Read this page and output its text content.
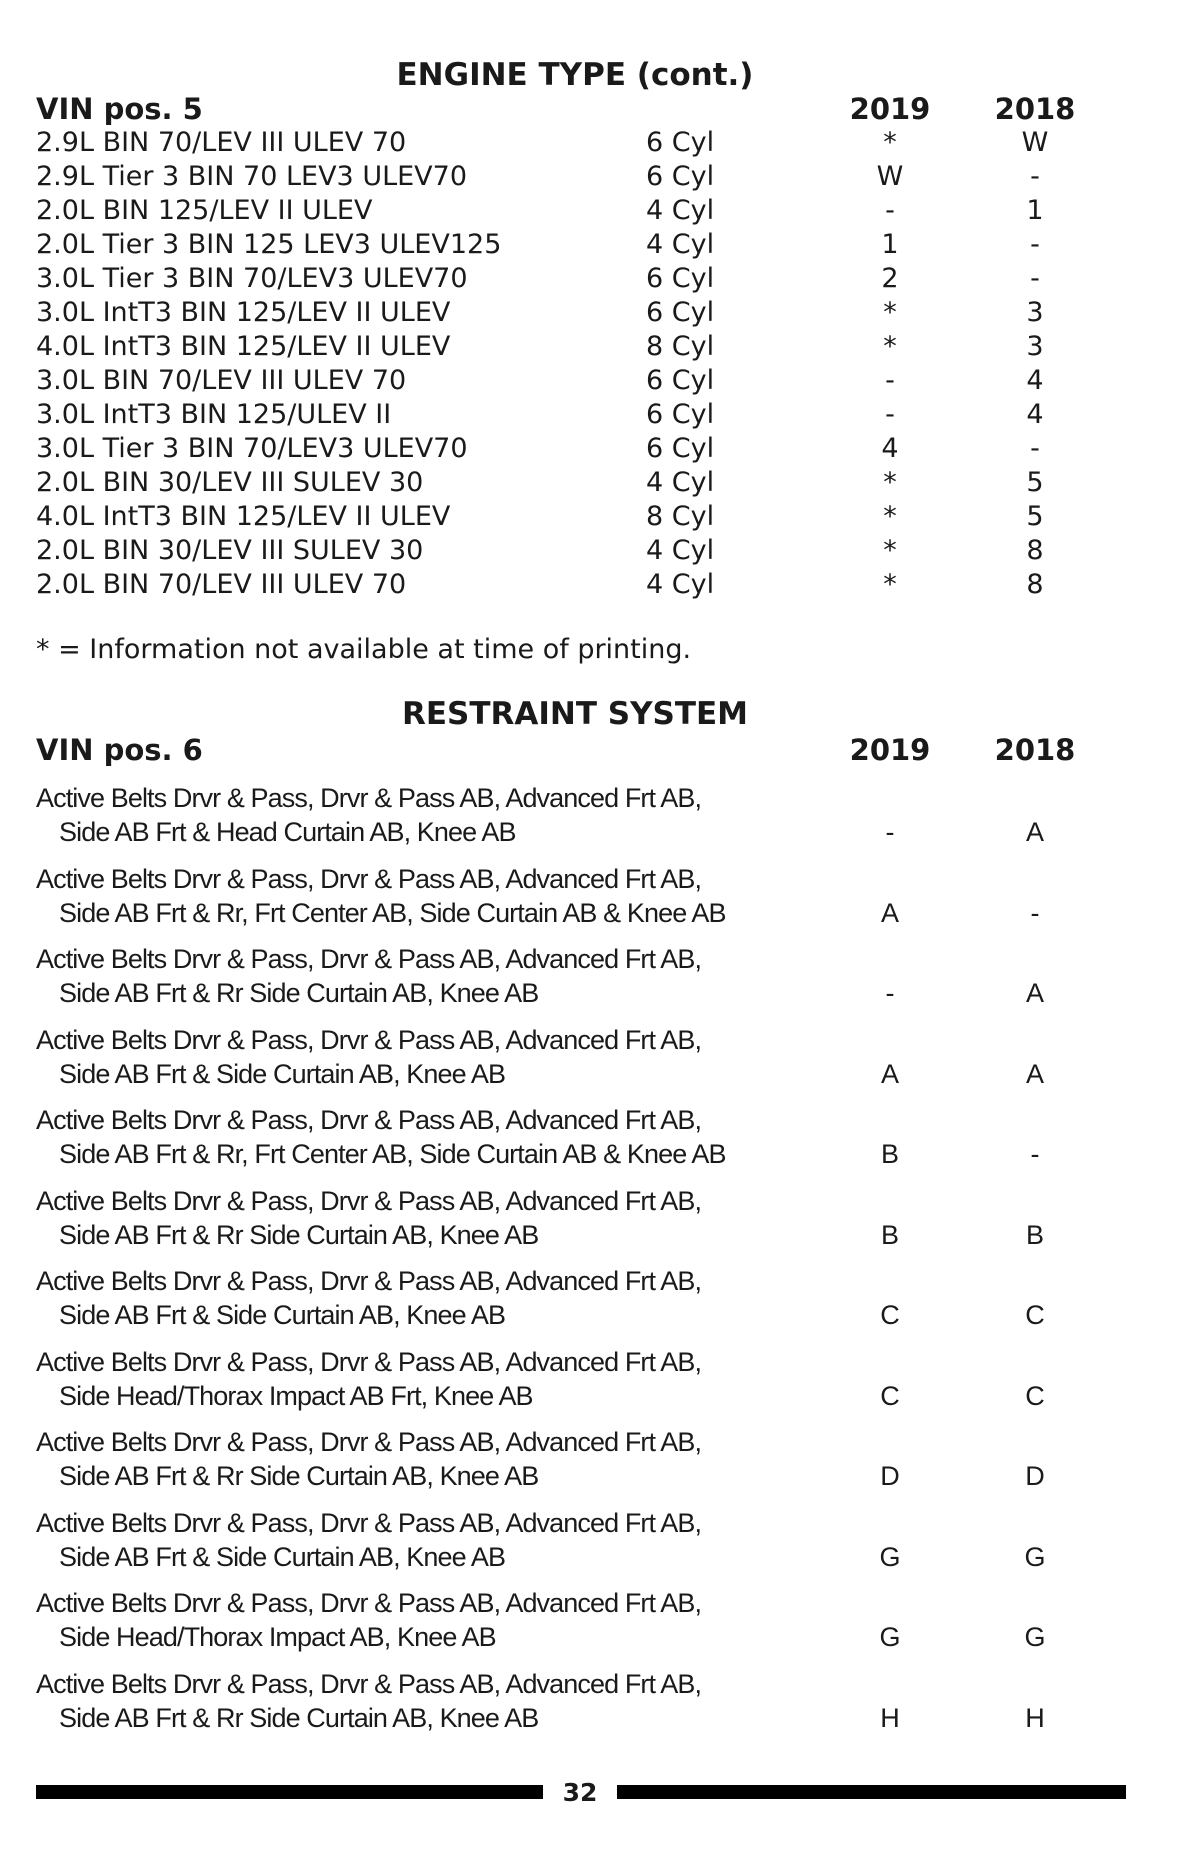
ENGINE TYPE (cont.)
VIN pos. 5	2019	2018
2.9L BIN 70/LEV III ULEV 70	6 Cyl	*	W
2.9L Tier 3 BIN 70 LEV3 ULEV70	6 Cyl	W	-
2.0L BIN 125/LEV II ULEV	4 Cyl	-	1
2.0L Tier 3 BIN 125 LEV3 ULEV125	4 Cyl	1	-
3.0L Tier 3 BIN 70/LEV3 ULEV70	6 Cyl	2	-
3.0L IntT3 BIN 125/LEV II ULEV	6 Cyl	*	3
4.0L IntT3 BIN 125/LEV II ULEV	8 Cyl	*	3
3.0L BIN 70/LEV III ULEV 70	6 Cyl	-	4
3.0L IntT3 BIN 125/ULEV II	6 Cyl	-	4
3.0L Tier 3 BIN 70/LEV3 ULEV70	6 Cyl	4	-
2.0L BIN 30/LEV III SULEV 30	4 Cyl	*	5
4.0L IntT3 BIN 125/LEV II ULEV	8 Cyl	*	5
2.0L BIN 30/LEV III SULEV 30	4 Cyl	*	8
2.0L BIN 70/LEV III ULEV 70	4 Cyl	*	8
* = Information not available at time of printing.
RESTRAINT SYSTEM
VIN pos. 6	2019	2018
Active Belts Drvr & Pass, Drvr & Pass AB, Advanced Frt AB,
Side AB Frt & Head Curtain AB, Knee AB	-	A
Active Belts Drvr & Pass, Drvr & Pass AB, Advanced Frt AB,
Side AB Frt & Rr, Frt Center AB, Side Curtain AB & Knee AB	A	-
Active Belts Drvr & Pass, Drvr & Pass AB, Advanced Frt AB,
Side AB Frt & Rr Side Curtain AB, Knee AB	-	A
Active Belts Drvr & Pass, Drvr & Pass AB, Advanced Frt AB,
Side AB Frt & Side Curtain AB, Knee AB	A	A
Active Belts Drvr & Pass, Drvr & Pass AB, Advanced Frt AB,
Side AB Frt & Rr, Frt Center AB, Side Curtain AB & Knee AB	B	-
Active Belts Drvr & Pass, Drvr & Pass AB, Advanced Frt AB,
Side AB Frt & Rr Side Curtain AB, Knee AB	B	B
Active Belts Drvr & Pass, Drvr & Pass AB, Advanced Frt AB,
Side AB Frt & Side Curtain AB, Knee AB	C	C
Active Belts Drvr & Pass, Drvr & Pass AB, Advanced Frt AB,
Side Head/Thorax Impact AB Frt, Knee AB	C	C
Active Belts Drvr & Pass, Drvr & Pass AB, Advanced Frt AB,
Side AB Frt & Rr Side Curtain AB, Knee AB	D	D
Active Belts Drvr & Pass, Drvr & Pass AB, Advanced Frt AB,
Side AB Frt & Side Curtain AB, Knee AB	G	G
Active Belts Drvr & Pass, Drvr & Pass AB, Advanced Frt AB,
Side Head/Thorax Impact AB, Knee AB	G	G
Active Belts Drvr & Pass, Drvr & Pass AB, Advanced Frt AB,
Side AB Frt & Rr Side Curtain AB, Knee AB	H	H
32
